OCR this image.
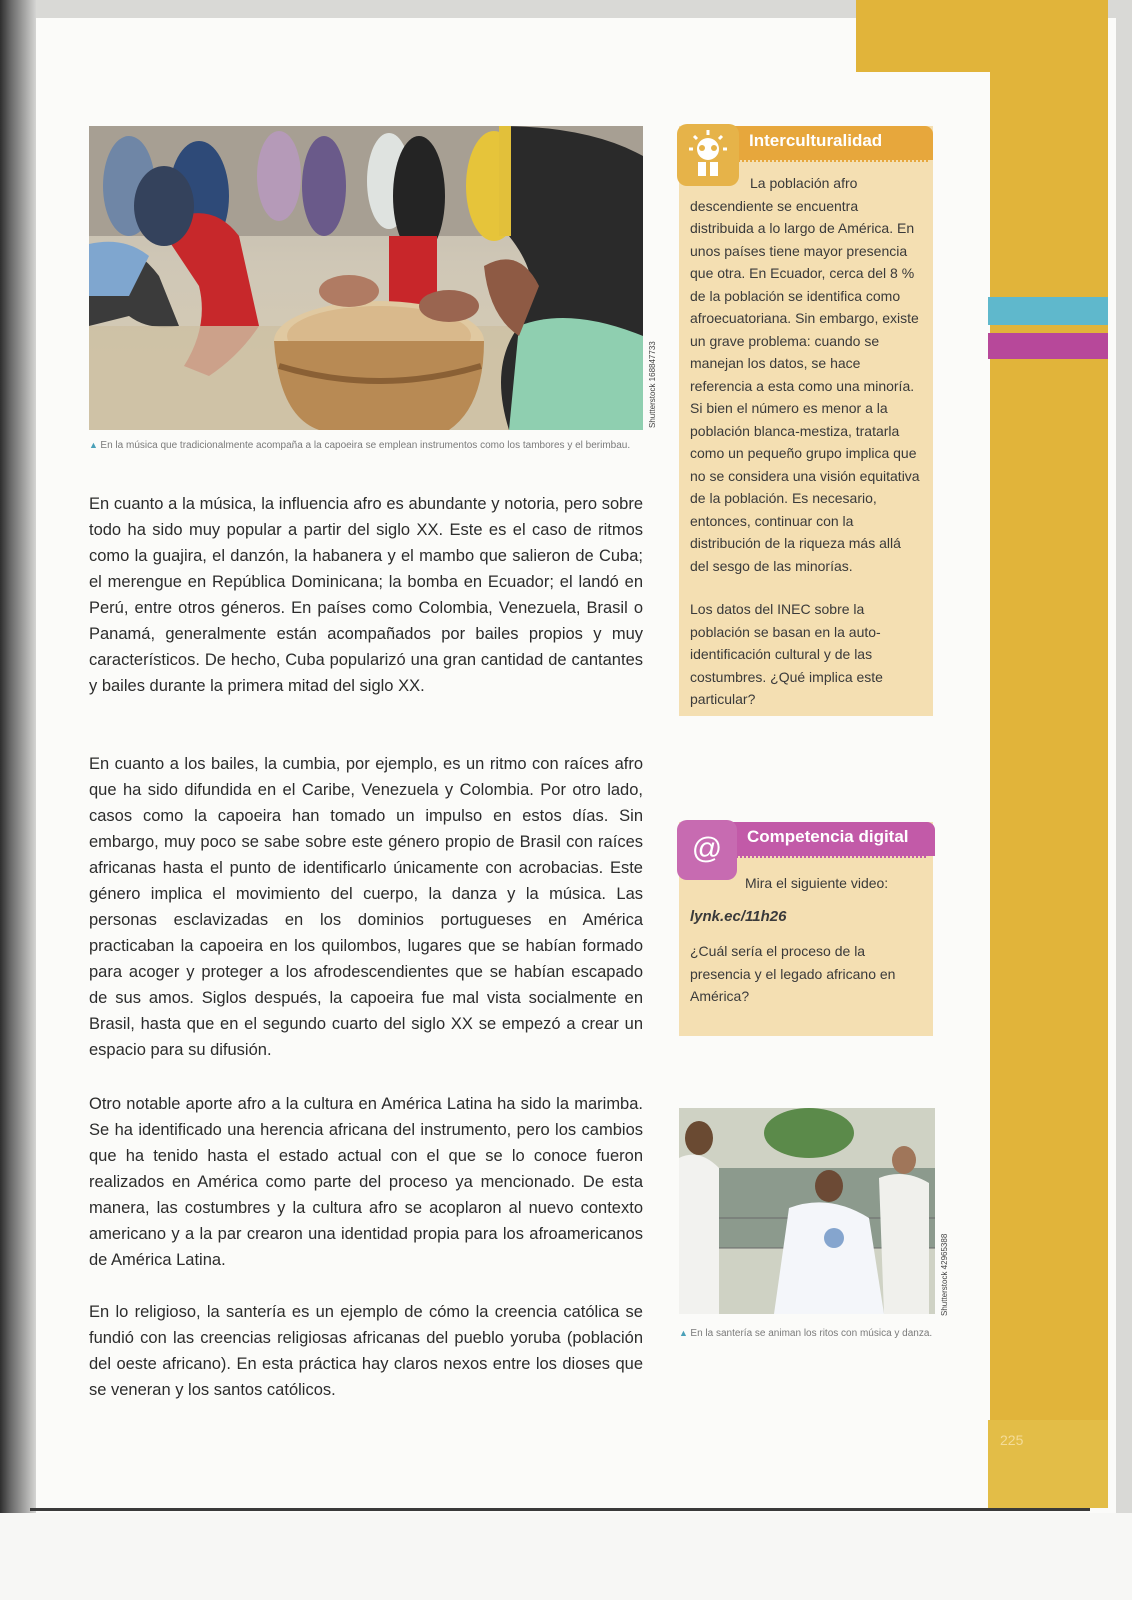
225
Shutterstock 168847733
▲ En la música que tradicionalmente acompaña a la capoeira se emplean instrumentos como los tambores y el berimbau.
En cuanto a la música, la influencia afro es abundante y notoria, pero sobre todo ha sido muy popular a partir del siglo XX. Este es el caso de ritmos como la guajira, el danzón, la habanera y el mambo que salieron de Cuba; el merengue en República Dominicana; la bomba en Ecuador; el landó en Perú, entre otros géneros. En países como Colombia, Venezuela, Brasil o Panamá, generalmente están acompañados por bailes propios y muy característicos. De hecho, Cuba popularizó una gran cantidad de cantantes y bailes durante la primera mitad del siglo XX.
En cuanto a los bailes, la cumbia, por ejemplo, es un ritmo con raíces afro que ha sido difundida en el Caribe, Venezuela y Colombia. Por otro lado, casos como la capoeira han tomado un impulso en estos días. Sin embargo, muy poco se sabe sobre este género propio de Brasil con raíces africanas hasta el punto de identificarlo únicamente con acrobacias. Este género implica el movimiento del cuerpo, la danza y la música. Las personas esclavizadas en los dominios portugueses en América practicaban la capoeira en los quilombos, lugares que se habían formado para acoger y proteger a los afrodescendientes que se habían escapado de sus amos. Siglos después, la capoeira fue mal vista socialmente en Brasil, hasta que en el segundo cuarto del siglo XX se empezó a crear un espacio para su difusión.
Otro notable aporte afro a la cultura en América Latina ha sido la marimba. Se ha identificado una herencia africana del instrumento, pero los cambios que ha tenido hasta el estado actual con el que se lo conoce fueron realizados en América como parte del proceso ya mencionado. De esta manera, las costumbres y la cultura afro se acoplaron al nuevo contexto americano y a la par crearon una identidad propia para los afroamericanos de América Latina.
En lo religioso, la santería es un ejemplo de cómo la creencia católica se fundió con las creencias religiosas africanas del pueblo yoruba (población del oeste africano). En esta práctica hay claros nexos entre los dioses que se veneran y los santos católicos.
Interculturalidad
La población afro descendiente se encuentra distribuida a lo largo de América. En unos países tiene mayor presencia que otra. En Ecuador, cerca del 8 % de la población se identifica como afroecuatoriana. Sin embargo, existe un grave problema: cuando se manejan los datos, se hace referencia a esta como una minoría. Si bien el número es menor a la población blanca-mestiza, tratarla como un pequeño grupo implica que no se considera una visión equitativa de la población. Es necesario, entonces, continuar con la distribución de la riqueza más allá del sesgo de las minorías.
Los datos del INEC sobre la población se basan en la auto-identificación cultural y de las costumbres. ¿Qué implica este particular?
Competencia digital
@
Mira el siguiente video:
lynk.ec/11h26
¿Cuál sería el proceso de la presencia y el legado africano en América?
Shutterstock 42965388
▲ En la santería se animan los ritos con música y danza.
